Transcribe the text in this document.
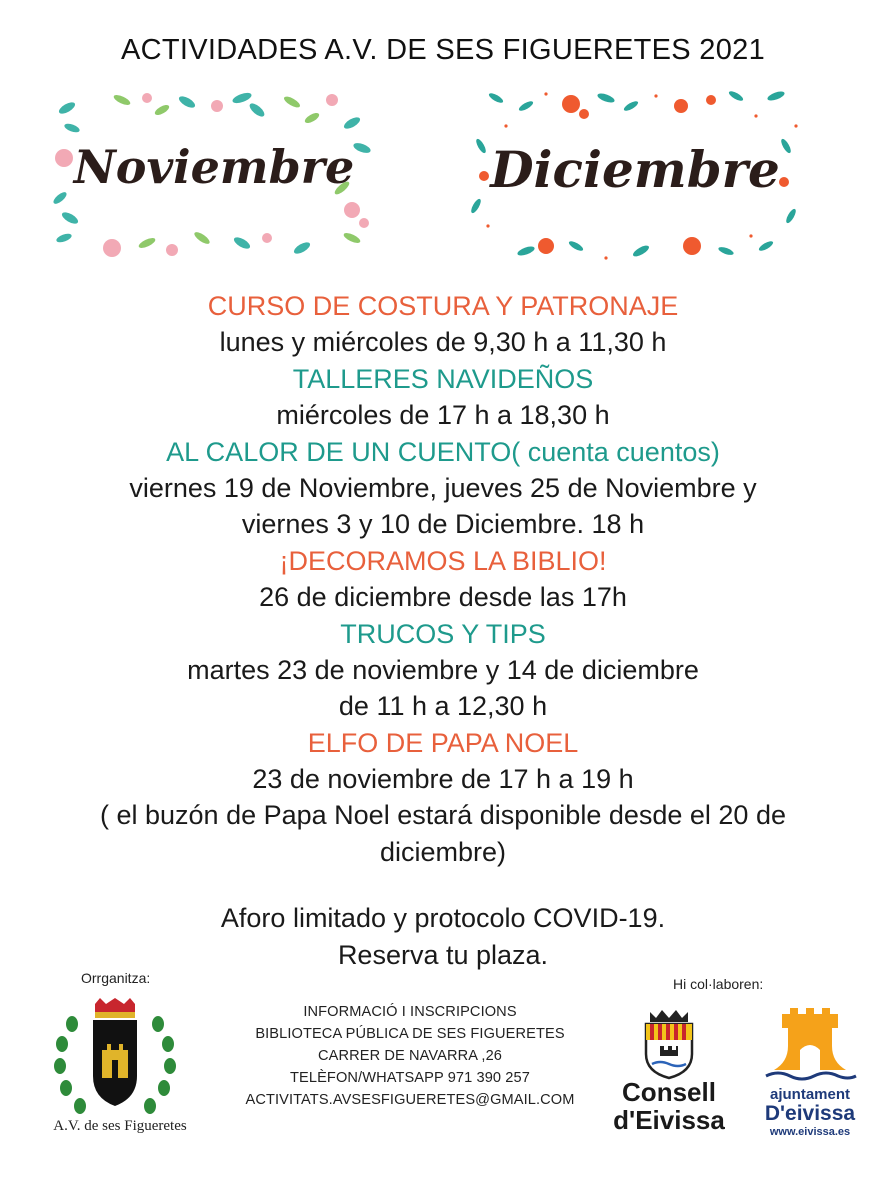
ACTIVIDADES A.V. DE SES FIGUERETES 2021
Noviembre	Diciembre
CURSO DE COSTURA Y PATRONAJE
lunes y miércoles de 9,30 h a 11,30 h
TALLERES NAVIDEÑOS
miércoles de 17 h a 18,30 h
AL CALOR DE UN CUENTO( cuenta cuentos)
viernes 19 de Noviembre, jueves 25 de Noviembre y
viernes 3 y 10 de Diciembre. 18 h
¡DECORAMOS LA BIBLIO!
26 de diciembre desde las 17h
TRUCOS Y TIPS
martes 23 de noviembre y 14 de diciembre
de 11 h a 12,30 h
ELFO DE PAPA NOEL
23 de noviembre de 17 h a 19 h
( el buzón de Papa Noel estará disponible desde el 20 de
diciembre)
Aforo limitado y protocolo COVID-19.
Reserva tu plaza.
Orrganitza:	Hi col·laboren:
A.V. de ses Figueretes
INFORMACIÓ I INSCRIPCIONS
BIBLIOTECA PÚBLICA DE SES FIGUERETES
CARRER DE NAVARRA ,26
TELÈFON/WHATSAPP 971 390 257
ACTIVITATS.AVSESFIGUERETES@GMAIL.COM	Consell
d'Eivissa
ajuntament
D'eivissa
www.eivissa.es
